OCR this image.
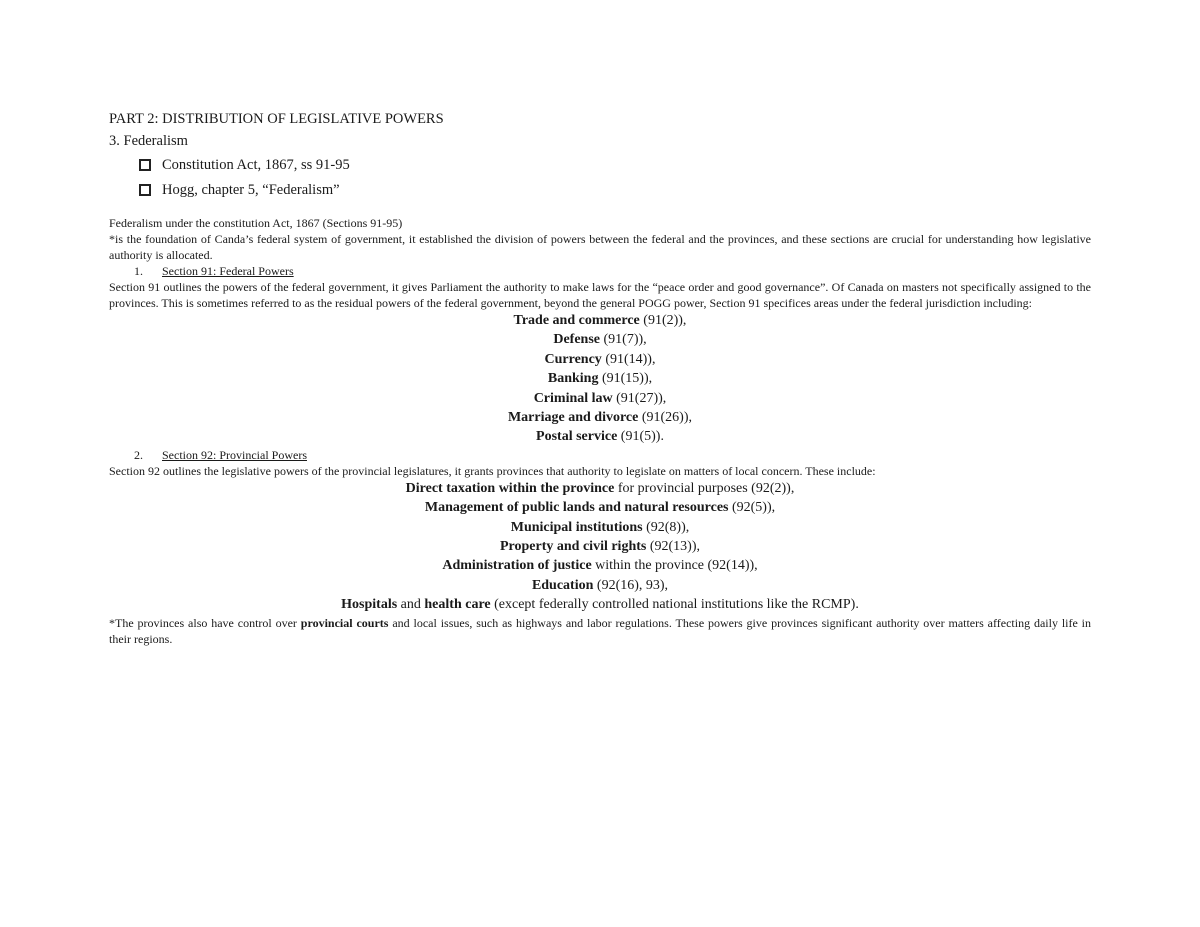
PART 2: DISTRIBUTION OF LEGISLATIVE POWERS

3. Federalism

Constitution Act, 1867, ss 91-95
Hogg, chapter 5, “Federalism”

Federalism under the constitution Act, 1867 (Sections 91-95)

*is the foundation of Canda’s federal system of government, it established the division of powers between the federal and the provinces, and these sections are crucial for understanding how legislative authority is allocated.

1. Section 91: Federal Powers

Section 91 outlines the powers of the federal government, it gives Parliament the authority to make laws for the “peace order and good governance”. Of Canada on masters not specifically assigned to the provinces. This is sometimes referred to as the residual powers of the federal government, beyond the general POGG power, Section 91 specifices areas under the federal jurisdiction including:

Trade and commerce (91(2)),
Defense (91(7)),
Currency (91(14)),
Banking (91(15)),
Criminal law (91(27)),
Marriage and divorce (91(26)),
Postal service (91(5)).
2. Section 92: Provincial Powers

Section 92 outlines the legislative powers of the provincial legislatures, it grants provinces that authority to legislate on matters of local concern. These include:

Direct taxation within the province for provincial purposes (92(2)),
Management of public lands and natural resources (92(5)),
Municipal institutions (92(8)),
Property and civil rights (92(13)),
Administration of justice within the province (92(14)),
Education (92(16), 93),
Hospitals and health care (except federally controlled national institutions like the RCMP).

*The provinces also have control over provincial courts and local issues, such as highways and labor regulations. These powers give provinces significant authority over matters affecting daily life in their regions.
